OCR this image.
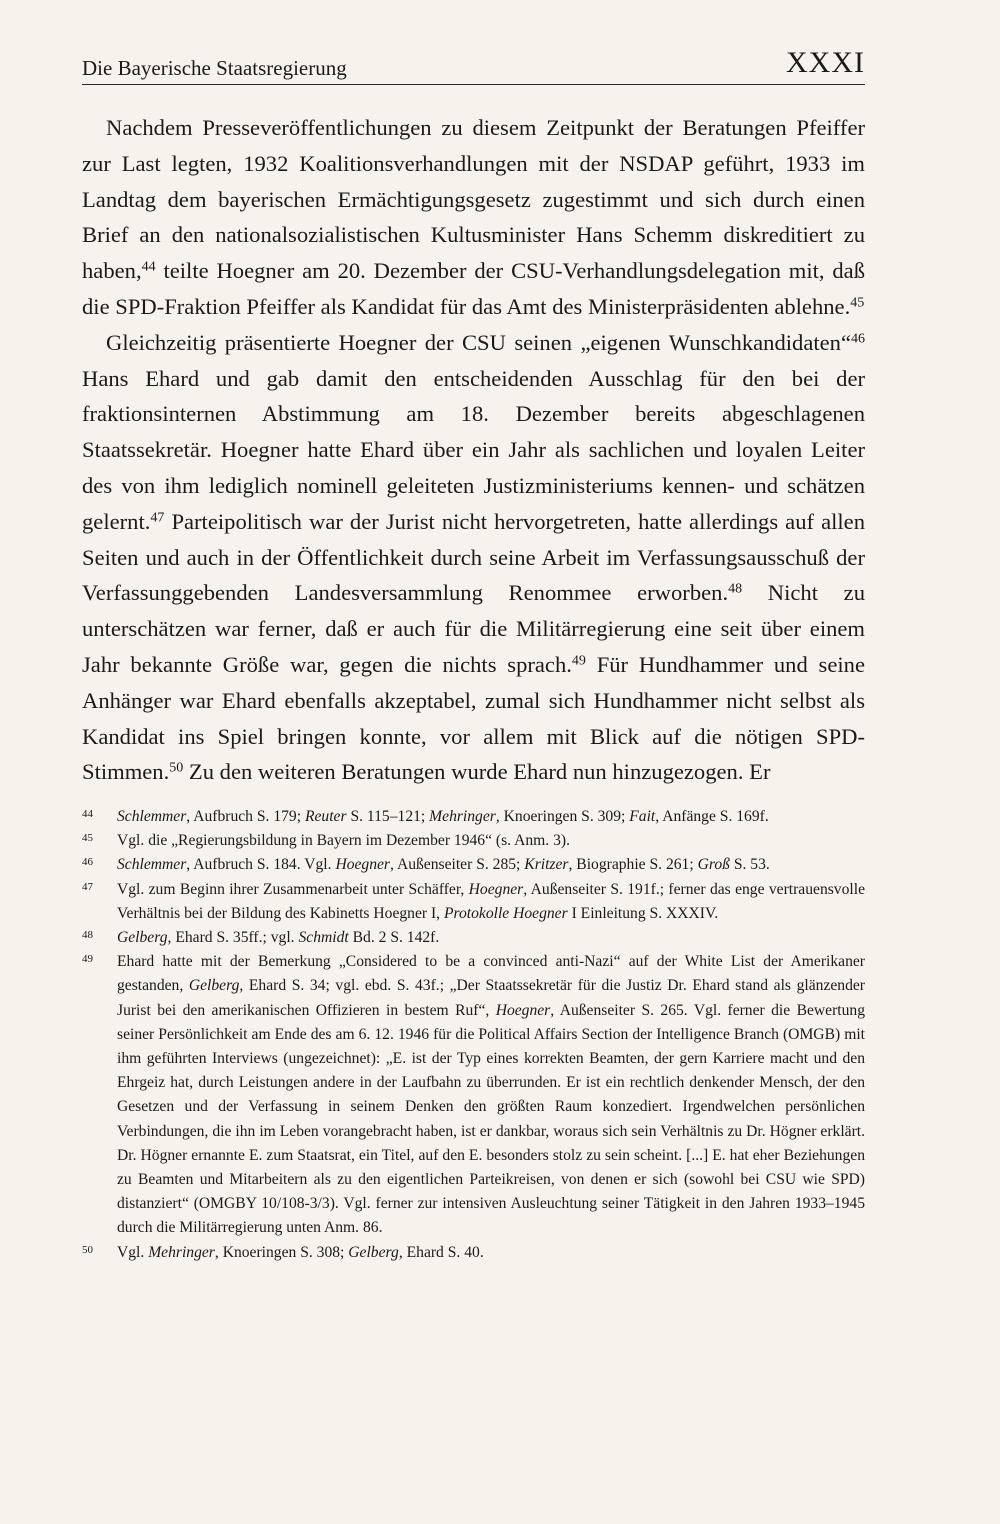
Die Bayerische Staatsregierung	XXXI

Nachdem Presseveröffentlichungen zu diesem Zeitpunkt der Beratungen Pfeiffer zur Last legten, 1932 Koalitionsverhandlungen mit der NSDAP geführt, 1933 im Landtag dem bayerischen Ermächtigungsgesetz zugestimmt und sich durch einen Brief an den nationalsozialistischen Kultusminister Hans Schemm diskreditiert zu haben,$^{44}$ teilte Hoegner am 20. Dezember der CSU-Verhandlungsdelegation mit, daß die SPD-Fraktion Pfeiffer als Kandidat für das Amt des Ministerpräsidenten ablehne.$^{45}$

Gleichzeitig präsentierte Hoegner der CSU seinen „eigenen Wunschkandidaten“$^{46}$ Hans Ehard und gab damit den entscheidenden Ausschlag für den bei der fraktionsinternen Abstimmung am 18. Dezember bereits abgeschlagenen Staatssekretär. Hoegner hatte Ehard über ein Jahr als sachlichen und loyalen Leiter des von ihm lediglich nominell geleiteten Justizministeriums kennen- und schätzen gelernt.$^{47}$ Parteipolitisch war der Jurist nicht hervorgetreten, hatte allerdings auf allen Seiten und auch in der Öffentlichkeit durch seine Arbeit im Verfassungsausschuß der Verfassunggebenden Landesversammlung Renommee erworben.$^{48}$ Nicht zu unterschätzen war ferner, daß er auch für die Militärregierung eine seit über einem Jahr bekannte Größe war, gegen die nichts sprach.$^{49}$ Für Hundhammer und seine Anhänger war Ehard ebenfalls akzeptabel, zumal sich Hundhammer nicht selbst als Kandidat ins Spiel bringen konnte, vor allem mit Blick auf die nötigen SPD-Stimmen.$^{50}$ Zu den weiteren Beratungen wurde Ehard nun hinzugezogen. Er

44 Schlemmer, Aufbruch S. 179; Reuter S. 115–121; Mehringer, Knoeringen S. 309; Fait, Anfänge S. 169f.
45 Vgl. die „Regierungsbildung in Bayern im Dezember 1946“ (s. Anm. 3).
46 Schlemmer, Aufbruch S. 184. Vgl. Hoegner, Außenseiter S. 285; Kritzer, Biographie S. 261; Groß S. 53.
47 Vgl. zum Beginn ihrer Zusammenarbeit unter Schäffer, Hoegner, Außenseiter S. 191f.; ferner das enge vertrauensvolle Verhältnis bei der Bildung des Kabinetts Hoegner I, Protokolle Hoegner I Einleitung S. XXXIV.
48 Gelberg, Ehard S. 35ff.; vgl. Schmidt Bd. 2 S. 142f.
49 Ehard hatte mit der Bemerkung „Considered to be a convinced anti-Nazi“ auf der White List der Amerikaner gestanden, Gelberg, Ehard S. 34; vgl. ebd. S. 43f.; „Der Staatssekretär für die Justiz Dr. Ehard stand als glänzender Jurist bei den amerikanischen Offizieren in bestem Ruf“, Hoegner, Außenseiter S. 265. Vgl. ferner die Bewertung seiner Persönlichkeit am Ende des am 6. 12. 1946 für die Political Affairs Section der Intelligence Branch (OMGB) mit ihm geführten Interviews (ungezeichnet): „E. ist der Typ eines korrekten Beamten, der gern Karriere macht und den Ehrgeiz hat, durch Leistungen andere in der Laufbahn zu überrunden. Er ist ein rechtlich denkender Mensch, der den Gesetzen und der Verfassung in seinem Denken den größten Raum konzediert. Irgendwelchen persönlichen Verbindungen, die ihn im Leben vorangebracht haben, ist er dankbar, woraus sich sein Verhältnis zu Dr. Högner erklärt. Dr. Högner ernannte E. zum Staatsrat, ein Titel, auf den E. besonders stolz zu sein scheint. [...] E. hat eher Beziehungen zu Beamten und Mitarbeitern als zu den eigentlichen Parteikreisen, von denen er sich (sowohl bei CSU wie SPD) distanziert“ (OMGBY 10/108-3/3). Vgl. ferner zur intensiven Ausleuchtung seiner Tätigkeit in den Jahren 1933–1945 durch die Militärregierung unten Anm. 86.
50 Vgl. Mehringer, Knoeringen S. 308; Gelberg, Ehard S. 40.
